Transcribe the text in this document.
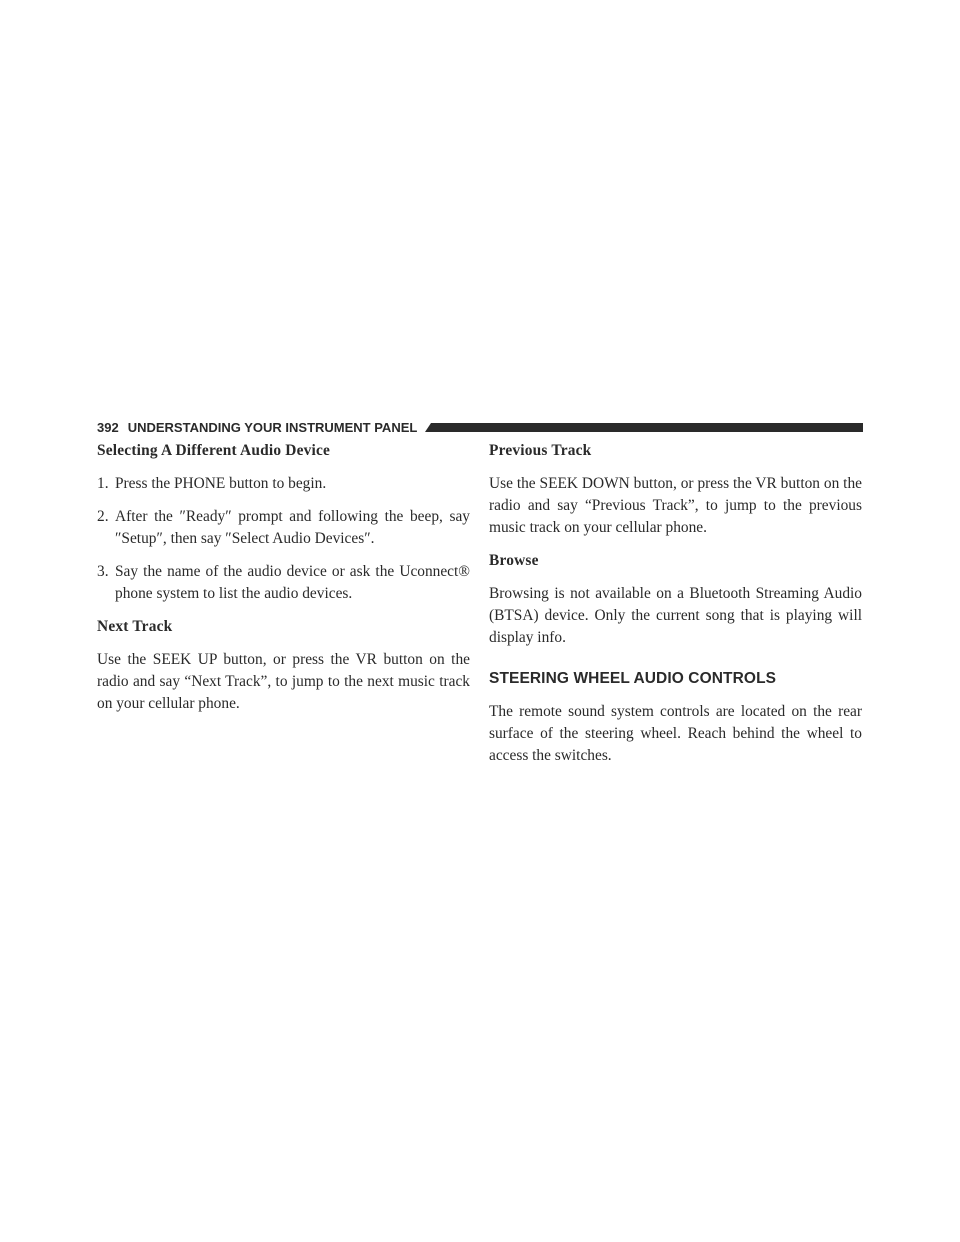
392 UNDERSTANDING YOUR INSTRUMENT PANEL
Selecting A Different Audio Device
1. Press the PHONE button to begin.
2. After the ″Ready″ prompt and following the beep, say ″Setup″, then say ″Select Audio Devices″.
3. Say the name of the audio device or ask the Uconnect® phone system to list the audio devices.
Next Track

Use the SEEK UP button, or press the VR button on the radio and say “Next Track”, to jump to the next music track on your cellular phone.

Previous Track

Use the SEEK DOWN button, or press the VR button on the radio and say “Previous Track”, to jump to the previous music track on your cellular phone.

Browse

Browsing is not available on a Bluetooth Streaming Audio (BTSA) device. Only the current song that is playing will display info.

STEERING WHEEL AUDIO CONTROLS

The remote sound system controls are located on the rear surface of the steering wheel. Reach behind the wheel to access the switches.
